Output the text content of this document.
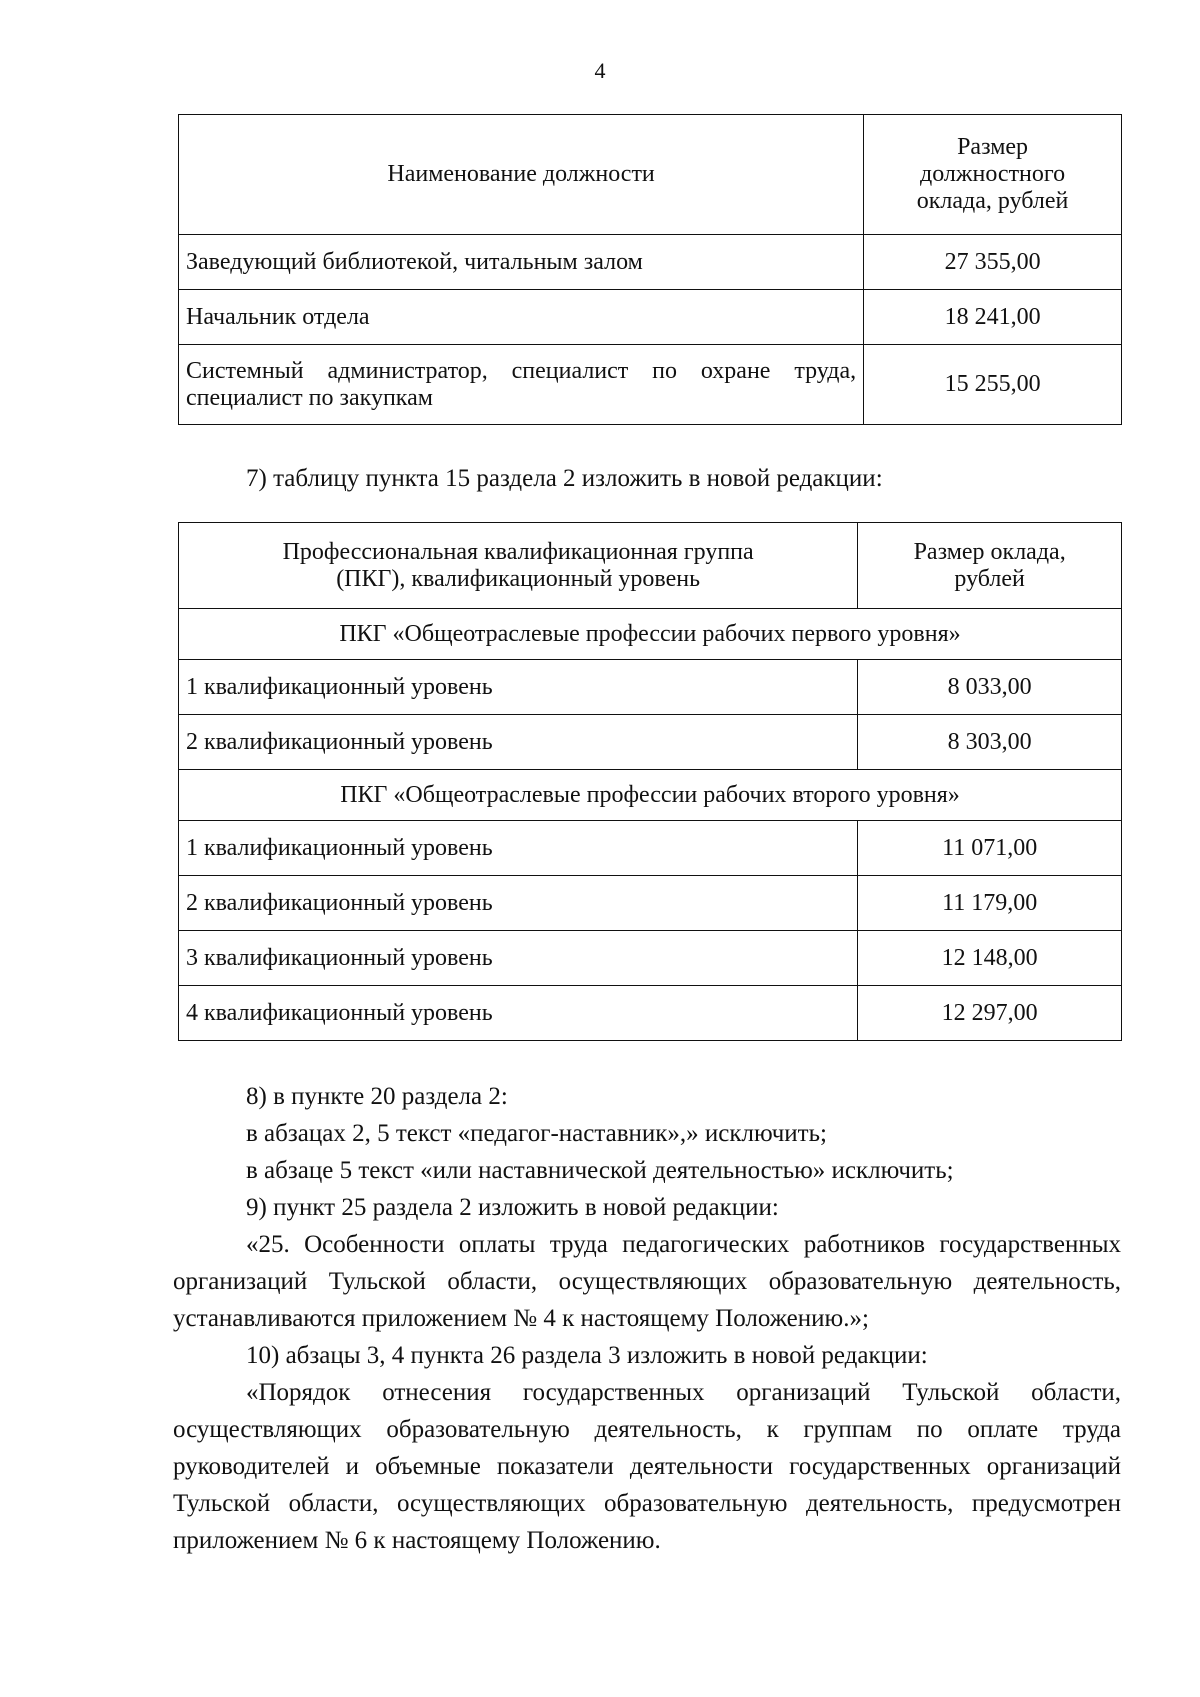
4
Наименование должности	Размер
должностного
оклада, рублей
Заведующий библиотекой, читальным залом	27 355,00
Начальник отдела	18 241,00
Системный администратор, специалист по охране труда, специалист по закупкам	15 255,00

7) таблицу пункта 15 раздела 2 изложить в новой редакции:

Профессиональная квалификационная группа
(ПКГ), квалификационный уровень	Размер оклада,
рублей
ПКГ «Общеотраслевые профессии рабочих первого уровня»	
1 квалификационный уровень	8 033,00
2 квалификационный уровень	8 303,00
ПКГ «Общеотраслевые профессии рабочих второго уровня»	
1 квалификационный уровень	11 071,00
2 квалификационный уровень	11 179,00
3 квалификационный уровень	12 148,00
4 квалификационный уровень	12 297,00

8) в пункте 20 раздела 2:

в абзацах 2, 5 текст «педагог-наставник»,» исключить;

в абзаце 5 текст «или наставнической деятельностью» исключить;

9) пункт 25 раздела 2 изложить в новой редакции:

«25. Особенности оплаты труда педагогических работников государственных организаций Тульской области, осуществляющих образовательную деятельность, устанавливаются приложением № 4 к настоящему Положению.»;

10) абзацы 3, 4 пункта 26 раздела 3 изложить в новой редакции:

«Порядок отнесения государственных организаций Тульской области, осуществляющих образовательную деятельность, к группам по оплате труда руководителей и объемные показатели деятельности государственных организаций Тульской области, осуществляющих образовательную деятельность, предусмотрен приложением № 6 к настоящему Положению.
